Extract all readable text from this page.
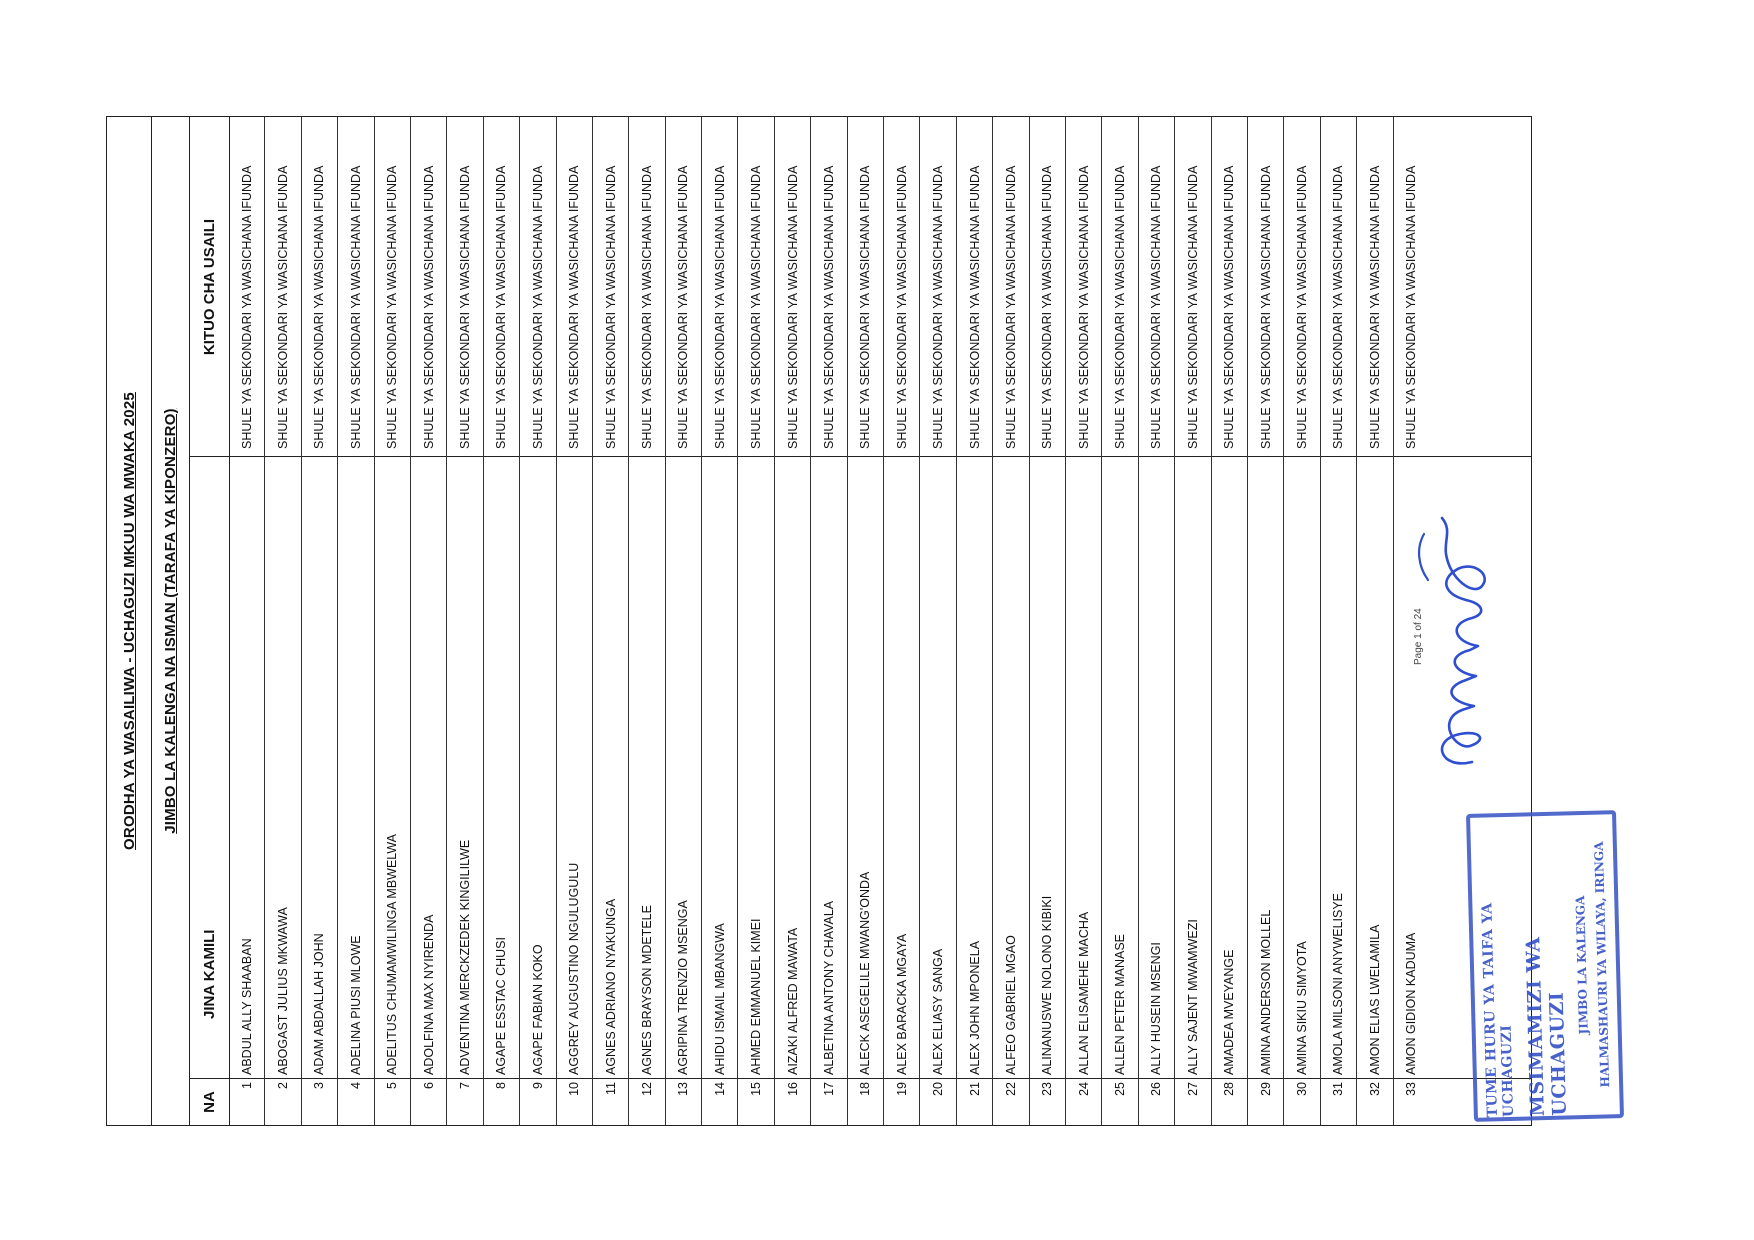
ORODHA YA WASAILIWA - UCHAGUZI MKUU WA MWAKA 2025 JIMBO LA KALENGA NA ISMAN (TARAFA YA KIPONZERO)
NA
JINA KAMILI
KITUO CHA USAILI
1
ABDUL ALLY SHAABAN
SHULE YA SEKONDARI YA WASICHANA IFUNDA
2
ABOGAST JULIUS MKWAWA
SHULE YA SEKONDARI YA WASICHANA IFUNDA
3
ADAM ABDALLAH JOHN
SHULE YA SEKONDARI YA WASICHANA IFUNDA
4
ADELINA PIUSI MLOWE
SHULE YA SEKONDARI YA WASICHANA IFUNDA
5
ADELITUS CHUMAMWILINGA MBWELWA
SHULE YA SEKONDARI YA WASICHANA IFUNDA
6
ADOLFINA MAX NYIRENDA
SHULE YA SEKONDARI YA WASICHANA IFUNDA
7
ADVENTINA MERCKZEDEK KINGILILWE
SHULE YA SEKONDARI YA WASICHANA IFUNDA
8
AGAPE ESSTAC CHUSI
SHULE YA SEKONDARI YA WASICHANA IFUNDA
9
AGAPE FABIAN KOKO
SHULE YA SEKONDARI YA WASICHANA IFUNDA
10
AGGREY AUGUSTINO NGULUGULU
SHULE YA SEKONDARI YA WASICHANA IFUNDA
11
AGNES ADRIANO NYAKUNGA
SHULE YA SEKONDARI YA WASICHANA IFUNDA
12
AGNES BRAYSON MDETELE
SHULE YA SEKONDARI YA WASICHANA IFUNDA
13
AGRIPINA TRENZIO MSENGA
SHULE YA SEKONDARI YA WASICHANA IFUNDA
14
AHIDU ISMAIL MBANGWA
SHULE YA SEKONDARI YA WASICHANA IFUNDA
15
AHMED EMMANUEL KIMEI
SHULE YA SEKONDARI YA WASICHANA IFUNDA
16
AIZAKI ALFRED MAWATA
SHULE YA SEKONDARI YA WASICHANA IFUNDA
17
ALBETINA ANTONY CHAVALA
SHULE YA SEKONDARI YA WASICHANA IFUNDA
18
ALECK ASEGELILE MWANG'ONDA
SHULE YA SEKONDARI YA WASICHANA IFUNDA
19
ALEX BARACKA MGAYA
SHULE YA SEKONDARI YA WASICHANA IFUNDA
20
ALEX ELIASY SANGA
SHULE YA SEKONDARI YA WASICHANA IFUNDA
21
ALEX JOHN MPONELA
SHULE YA SEKONDARI YA WASICHANA IFUNDA
22
ALFEO GABRIEL MGAO
SHULE YA SEKONDARI YA WASICHANA IFUNDA
23
ALINANUSWE NOLONO KIBIKI
SHULE YA SEKONDARI YA WASICHANA IFUNDA
24
ALLAN ELISAMEHE MACHA
SHULE YA SEKONDARI YA WASICHANA IFUNDA
25
ALLEN PETER MANASE
SHULE YA SEKONDARI YA WASICHANA IFUNDA
26
ALLY HUSEIN MSENGI
SHULE YA SEKONDARI YA WASICHANA IFUNDA
27
ALLY SAJENT MWAMWEZI
SHULE YA SEKONDARI YA WASICHANA IFUNDA
28
AMADEA MVEYANGE
SHULE YA SEKONDARI YA WASICHANA IFUNDA
29
AMINA ANDERSON MOLLEL
SHULE YA SEKONDARI YA WASICHANA IFUNDA
30
AMINA SIKIU SIMYOTA
SHULE YA SEKONDARI YA WASICHANA IFUNDA
31
AMOLA MILSONI ANYWELISYE
SHULE YA SEKONDARI YA WASICHANA IFUNDA
32
AMON ELIAS LWELAMILA
SHULE YA SEKONDARI YA WASICHANA IFUNDA
33
AMON GIDION KADUMA
SHULE YA SEKONDARI YA WASICHANA IFUNDA
Page 1 of 24
TUME HURU YA TAIFA YA UCHAGUZI MSIMAMIZI WA UCHAGUZI
JIMBO LA KALENGA HALMASHAURI YA WILAYA, IRINGA
